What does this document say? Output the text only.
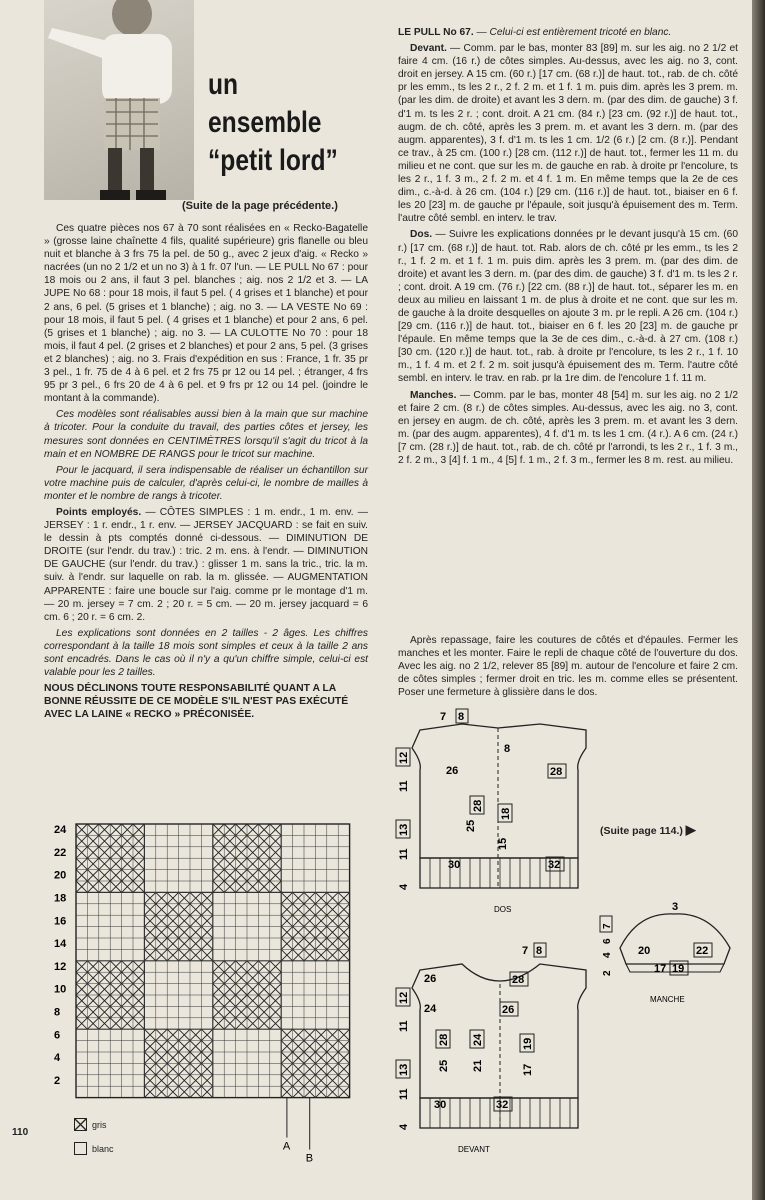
un
ensemble
“petit lord”
(Suite de la page précédente.)

Ces quatre pièces nos 67 à 70 sont réalisées en « Recko-Bagatelle » (grosse laine chaînette 4 fils, qualité supérieure) gris flanelle ou bleu nuit et blanche à 3 frs 75 la pel. de 50 g., avec 2 jeux d'aig. « Recko » nacrées (un no 2 1/2 et un no 3) à 1 fr. 07 l'un. — LE PULL No 67 : pour 18 mois ou 2 ans, il faut 3 pel. blanches ; aig. nos 2 1/2 et 3. — LA JUPE No 68 : pour 18 mois, il faut 5 pel. ( 4 grises et 1 blanche) et pour 2 ans, 6 pel. (5 grises et 1 blanche) ; aig. no 3. — LA VESTE No 69 : pour 18 mois, il faut 5 pel. ( 4 grises et 1 blanche) et pour 2 ans, 6 pel. (5 grises et 1 blanche) ; aig. no 3. — LA CULOTTE No 70 : pour 18 mois, il faut 4 pel. (2 grises et 2 blanches) et pour 2 ans, 5 pel. (3 grises et 2 blanches) ; aig. no 3. Frais d'expédition en sus : France, 1 fr. 35 pr 3 pel., 1 fr. 75 de 4 à 6 pel. et 2 frs 75 pr 12 ou 14 pel. ; étranger, 4 frs 95 pr 3 pel., 6 frs 20 de 4 à 6 pel. et 9 frs pr 12 ou 14 pel. (joindre le montant à la commande).

Ces modèles sont réalisables aussi bien à la main que sur machine à tricoter. Pour la conduite du travail, des parties côtes et jersey, les mesures sont données en CENTIMÈTRES lorsqu'il s'agit du tricot à la main et en NOMBRE DE RANGS pour le tricot sur machine.

Pour le jacquard, il sera indispensable de réaliser un échantillon sur votre machine puis de calculer, d'après celui-ci, le nombre de mailles à monter et le nombre de rangs à tricoter.

Points employés. — CÔTES SIMPLES : 1 m. endr., 1 m. env. — JERSEY : 1 r. endr., 1 r. env. — JERSEY JACQUARD : se fait en suiv. le dessin à pts comptés donné ci-dessous. — DIMINUTION DE DROITE (sur l'endr. du trav.) : tric. 2 m. ens. à l'endr. — DIMINUTION DE GAUCHE (sur l'endr. du trav.) : glisser 1 m. sans la tric., tric. la m. suiv. à l'endr. sur laquelle on rab. la m. glissée. — AUGMENTATION APPARENTE : faire une boucle sur l'aig. comme pr le montage d'1 m. — 20 m. jersey = 7 cm. 2 ; 20 r. = 5 cm. — 20 m. jersey jacquard = 6 cm. 6 ; 20 r. = 6 cm. 2.

Les explications sont données en 2 tailles - 2 âges. Les chiffres correspondant à la taille 18 mois sont simples et ceux à la taille 2 ans sont encadrés. Dans le cas où il n'y a qu'un chiffre simple, celui-ci est valable pour les 2 tailles.

NOUS DÉCLINONS TOUTE RESPONSABILITÉ QUANT A LA BONNE RÉUSSITE DE CE MODÈLE S'IL N'EST PAS EXÉCUTÉ AVEC LA LAINE « RECKO » PRÉCONISÉE.

24
22
20
18
16
14
12
10
8
6
4
2
A
B
110
gris
blanc

LE PULL No 67. — Celui-ci est entièrement tricoté en blanc.

Devant. — Comm. par le bas, monter 83 [89] m. sur les aig. no 2 1/2 et faire 4 cm. (16 r.) de côtes simples. Au-dessus, avec les aig. no 3, cont. droit en jersey. A 15 cm. (60 r.) [17 cm. (68 r.)] de haut. tot., rab. de ch. côté pr les emm., ts les 2 r., 2 f. 2 m. et 1 f. 1 m. puis dim. après les 3 prem. m. (par les dim. de droite) et avant les 3 dern. m. (par des dim. de gauche) 3 f. d'1 m. ts les 2 r. ; cont. droit. A 21 cm. (84 r.) [23 cm. (92 r.)] de haut. tot., augm. de ch. côté, après les 3 prem. m. et avant les 3 dern. m. (par des augm. apparentes), 3 f. d'1 m. ts les 1 cm. 1/2 (6 r.) [2 cm. (8 r.)]. Pendant ce trav., à 25 cm. (100 r.) [28 cm. (112 r.)] de haut. tot., fermer les 11 m. du milieu et ne cont. que sur les m. de gauche en rab. à droite pr l'encolure, ts les 2 r., 1 f. 3 m., 2 f. 2 m. et 4 f. 1 m. En même temps que la 2e de ces dim., c.-à-d. à 26 cm. (104 r.) [29 cm. (116 r.)] de haut. tot., biaiser en 6 f. les 20 [23] m. de gauche pr l'épaule, soit jusqu'à épuisement des m. Term. l'autre côté sembl. en interv. le trav.

Dos. — Suivre les explications données pr le devant jusqu'à 15 cm. (60 r.) [17 cm. (68 r.)] de haut. tot. Rab. alors de ch. côté pr les emm., ts les 2 r., 1 f. 2 m. et 1 f. 1 m. puis dim. après les 3 prem. m. (par des dim. de droite) et avant les 3 dern. m. (par des dim. de gauche) 3 f. d'1 m. ts les 2 r. ; cont. droit. A 19 cm. (76 r.) [22 cm. (88 r.)] de haut. tot., séparer les m. en deux au milieu en laissant 1 m. de plus à droite et ne cont. que sur les m. de gauche à la droite desquelles on ajoute 3 m. pr le repli. A 26 cm. (104 r.) [29 cm. (116 r.)] de haut. tot., biaiser en 6 f. les 20 [23] m. de gauche pr l'épaule. En même temps que la 3e de ces dim., c.-à-d. à 27 cm. (108 r.) [30 cm. (120 r.)] de haut. tot., rab. à droite pr l'encolure, ts les 2 r., 1 f. 10 m., 1 f. 4 m. et 2 f. 2 m. soit jusqu'à épuisement des m. Term. l'autre côté sembl. en interv. le trav. en rab. pr la 1re dim. de l'encolure 1 f. 11 m.

Manches. — Comm. par le bas, monter 48 [54] m. sur les aig. no 2 1/2 et faire 2 cm. (8 r.) de côtes simples. Au-dessus, avec les aig. no 3, cont. en jersey en augm. de ch. côté, après les 3 prem. m. et avant les 3 dern. m. (par des augm. apparentes), 4 f. d'1 m. ts les 1 cm. (4 r.). A 6 cm. (24 r.) [7 cm. (28 r.)] de haut. tot., rab. de ch. côté pr l'arrondi, ts les 2 r., 1 f. 3 m., 2 f. 2 m., 3 [4] f. 1 m., 4 [5] f. 1 m., 2 f. 3 m., fermer les 8 m. rest. au milieu.

Après repassage, faire les coutures de côtés et d'épaules. Fermer les manches et les monter. Faire le repli de chaque côté de l'ouverture du dos. Avec les aig. no 2 1/2, relever 85 [89] m. autour de l'encolure et faire 2 cm. de côtes simples ; fermer droit en tric. les m. comme elles se présentent. Poser une fermeture à glissière dans le dos.

(Suite page 114.) ▶
7 8
26	28
8
25
28
15
18
12
11
13
11
4
30	32
DOS
7 8
26	28
24	26
28
25
24
21
19
17
12
11
13
11
4
30	32
DEVANT
3
20	22
17 19
7
6
4
2
MANCHE
